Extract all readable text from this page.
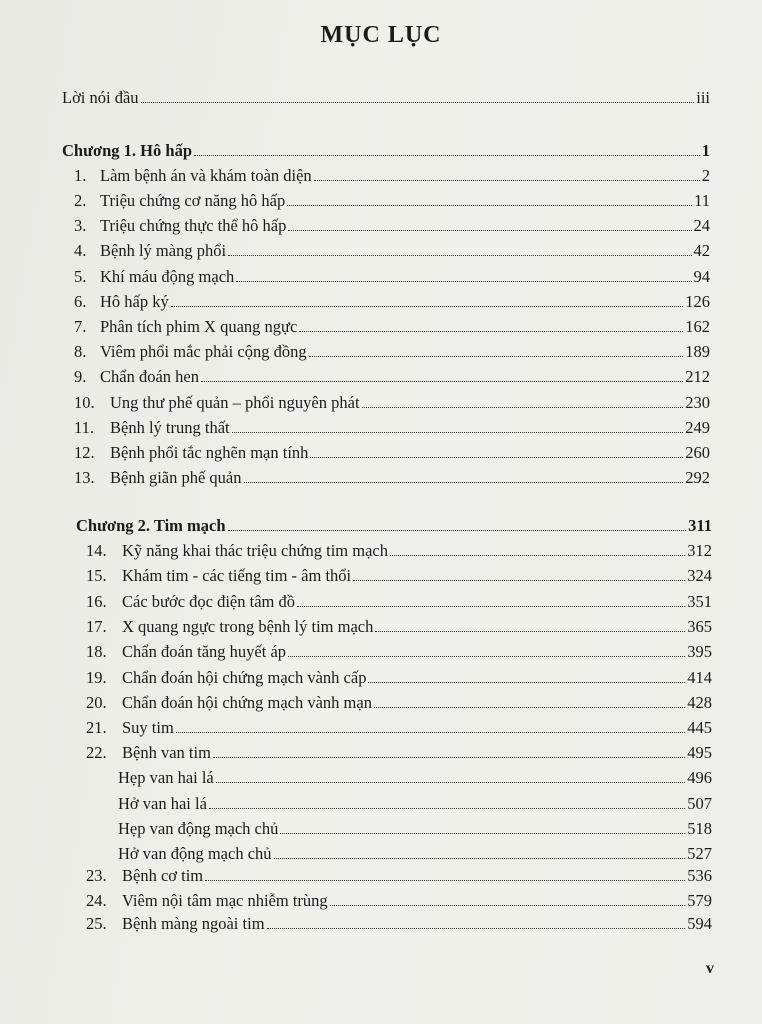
MỤC LỤC
Lời nói đầu	iii
Chương 1. Hô hấp	1
1. Làm bệnh án và khám toàn diện	2
2. Triệu chứng cơ năng hô hấp	11
3. Triệu chứng thực thể hô hấp	24
4. Bệnh lý màng phổi	42
5. Khí máu động mạch	94
6. Hô hấp ký	126
7. Phân tích phim X quang ngực	162
8. Viêm phổi mắc phải cộng đồng	189
9. Chẩn đoán hen	212
10. Ung thư phế quản – phổi nguyên phát	230
11. Bệnh lý trung thất	249
12. Bệnh phổi tắc nghẽn mạn tính	260
13. Bệnh giãn phế quản	292
Chương 2. Tim mạch	311
14. Kỹ năng khai thác triệu chứng tim mạch	312
15. Khám tim - các tiếng tim - âm thổi	324
16. Các bước đọc điện tâm đồ	351
17. X quang ngực trong bệnh lý tim mạch	365
18. Chẩn đoán tăng huyết áp	395
19. Chẩn đoán hội chứng mạch vành cấp	414
20. Chẩn đoán hội chứng mạch vành mạn	428
21. Suy tim	445
22. Bệnh van tim	495
Hẹp van hai lá	496
Hở van hai lá	507
Hẹp van động mạch chủ	518
Hở van động mạch chủ	527
23. Bệnh cơ tim	536
24. Viêm nội tâm mạc nhiễm trùng	579
25. Bệnh màng ngoài tim	594
v
